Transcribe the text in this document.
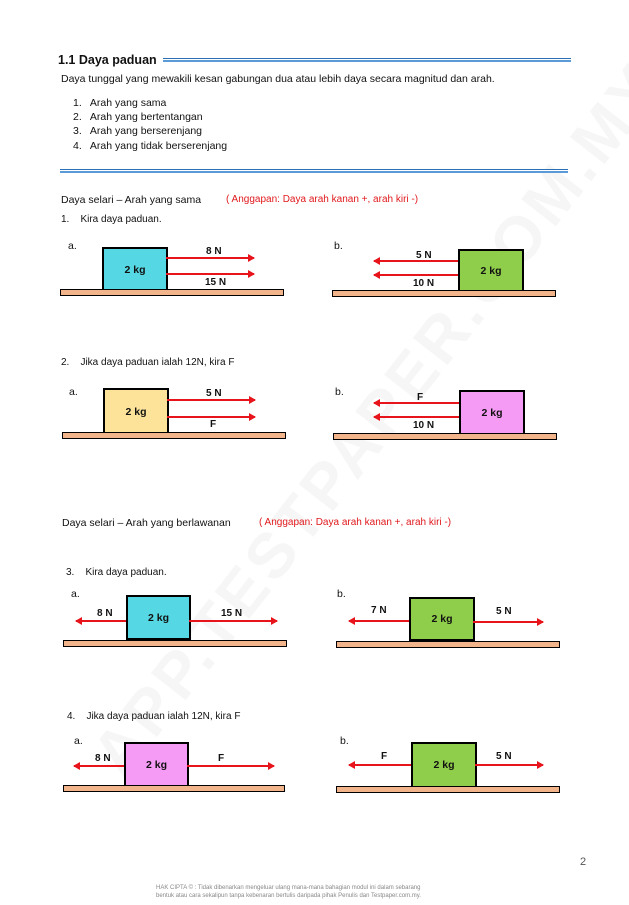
1.1 Daya paduan
Daya tunggal yang mewakili kesan gabungan dua atau lebih daya secara magnitud dan arah.
1.   Arah yang sama
2.   Arah yang bertentangan
3.   Arah yang berserenjang
4.   Arah yang tidak berserenjang
Daya selari – Arah yang sama ( Anggapan: Daya arah kanan +, arah kiri -)
1.    Kira daya paduan.
a.
2 kg
8 N
15 N
b.
2 kg
5 N
10 N
2.    Jika daya paduan ialah 12N, kira F
a.
2 kg
5 N
F
b.
2 kg
F
10 N
Daya selari – Arah yang berlawanan	( Anggapan: Daya arah kanan +, arah kiri -)
3.    Kira daya paduan.
a.
2 kg
8 N	15 N
b.
2 kg
7 N	5 N
4.    Jika daya paduan ialah 12N, kira F
a.
2 kg
8 N	F
b.
2 kg
F	5 N
2
HAK CIPTA © : Tidak dibenarkan mengeluar ulang mana-mana bahagian modul ini dalam sebarang
bentuk atau cara sekalipun tanpa kebenaran bertulis daripada pihak Penulis dan Testpaper.com.my.
